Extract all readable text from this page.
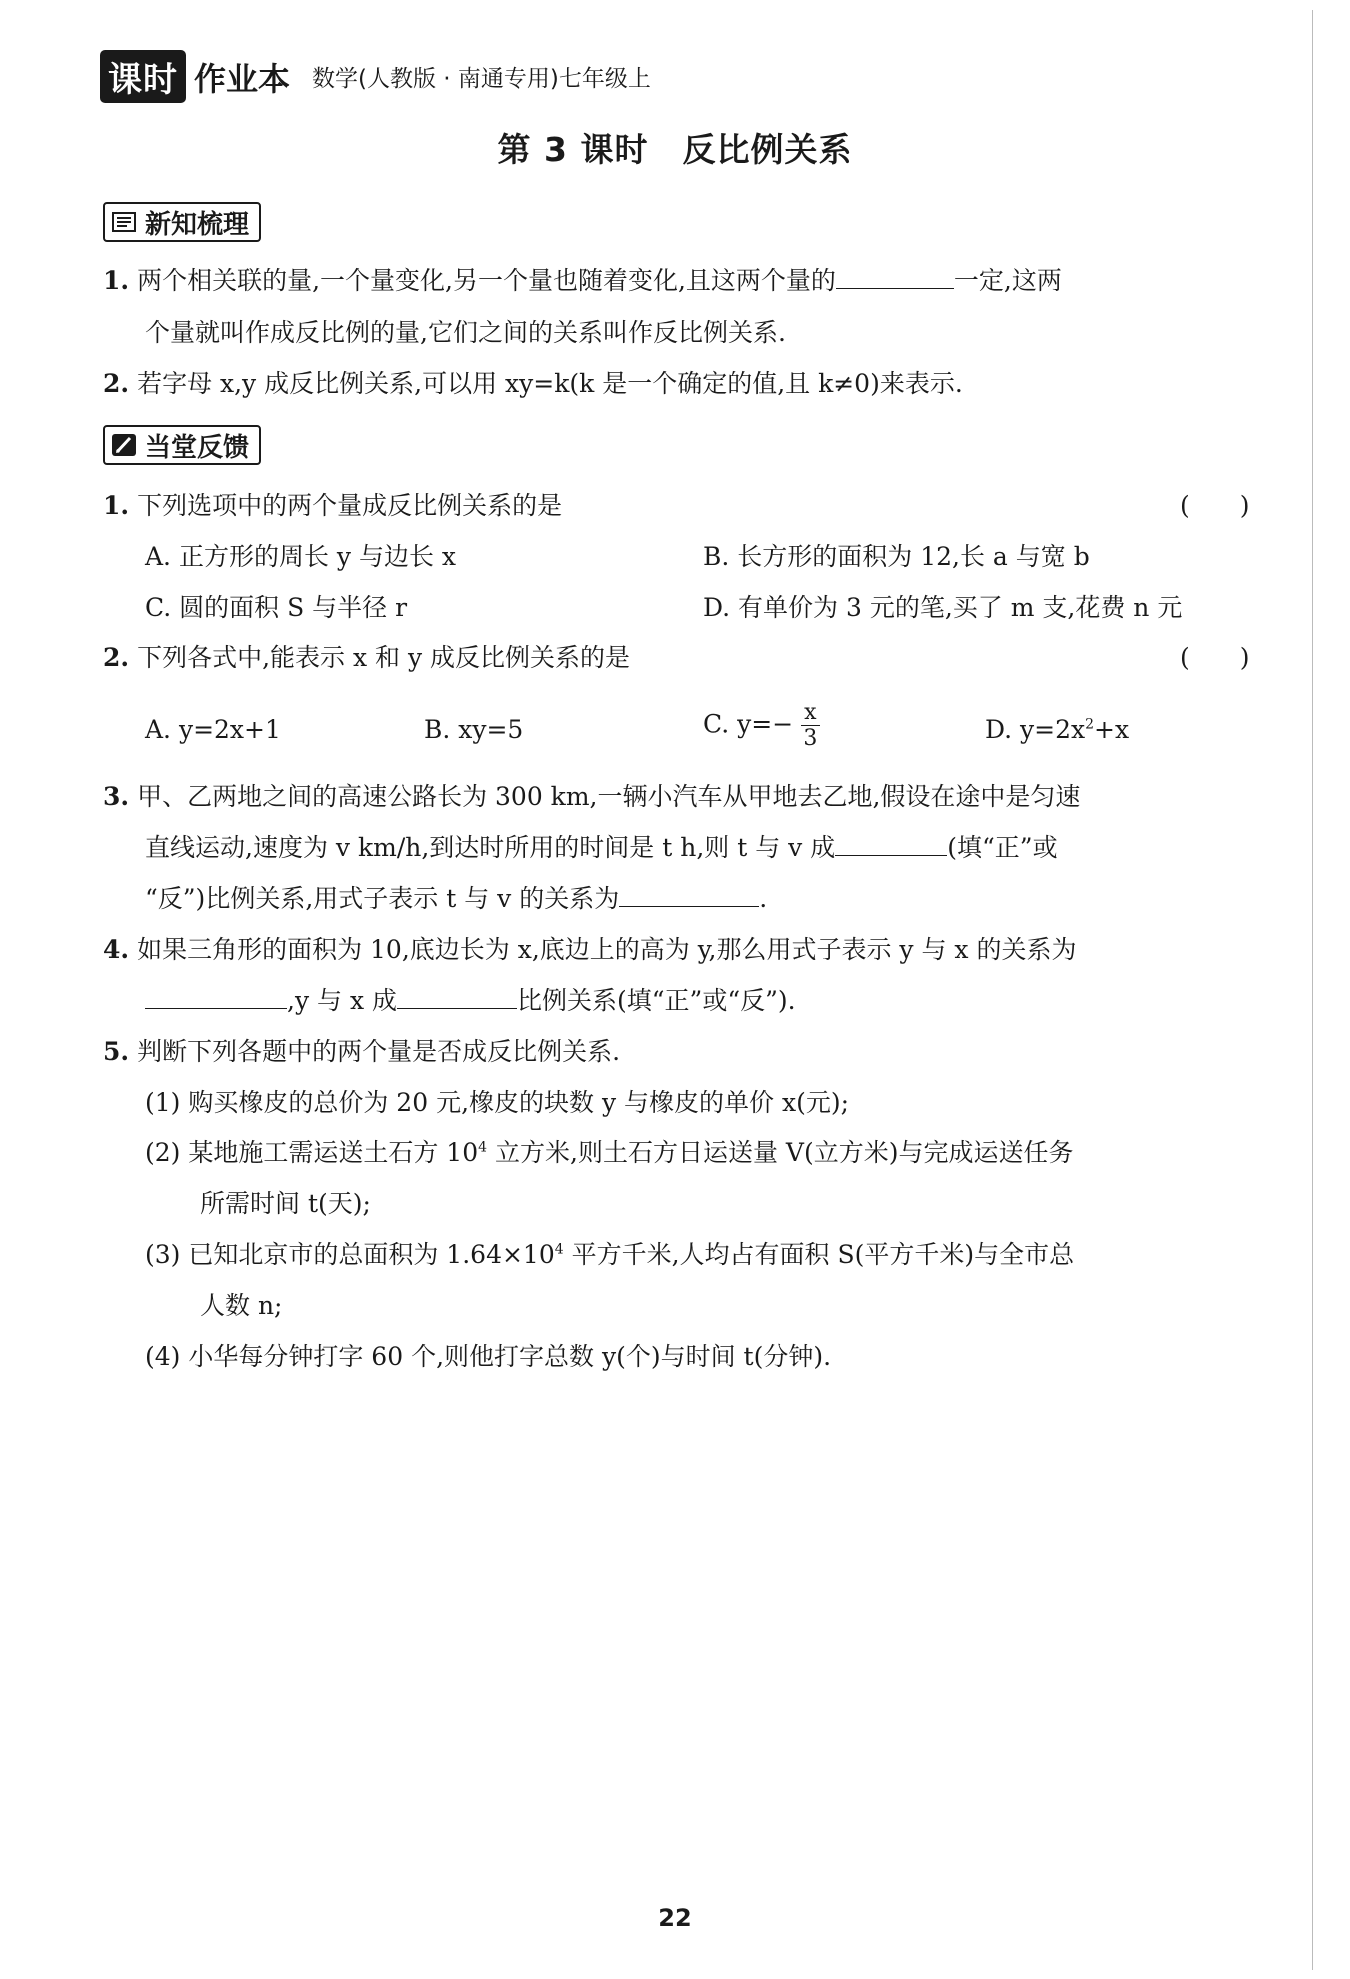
课时 作业本 数学(人教版 · 南通专用)七年级上
第 3 课时　反比例关系
新知梳理
1. 两个相关联的量,一个量变化,另一个量也随着变化,且这两个量的	一定,这两
个量就叫作成反比例的量,它们之间的关系叫作反比例关系.
2. 若字母 x,y 成反比例关系,可以用 xy=k(k 是一个确定的值,且 k≠0)来表示.
当堂反馈
1. 下列选项中的两个量成反比例关系的是	(　　)
A. 正方形的周长 y 与边长 x	B. 长方形的面积为 12,长 a 与宽 b
C. 圆的面积 S 与半径 r	D. 有单价为 3 元的笔,买了 m 支,花费 n 元
2. 下列各式中,能表示 x 和 y 成反比例关系的是	(　　)
A. y=2x+1	B. xy=5	C. $y=- \frac{x}{3}$	D. $y=2x^2+x$
3. 甲、乙两地之间的高速公路长为 300 km,一辆小汽车从甲地去乙地,假设在途中是匀速
直线运动,速度为 v km/h,到达时所用的时间是 t h,则 t 与 v 成	(填“正”或
“反”)比例关系,用式子表示 t 与 v 的关系为	.
4. 如果三角形的面积为 10,底边长为 x,底边上的高为 y,那么用式子表示 y 与 x 的关系为
,y 与 x 成	比例关系(填“正”或“反”).
5. 判断下列各题中的两个量是否成反比例关系.
(1) 购买橡皮的总价为 20 元,橡皮的块数 y 与橡皮的单价 x(元);
(2) 某地施工需运送土石方 $10^4$ 立方米,则土石方日运送量 V(立方米)与完成运送任务
所需时间 t(天);
(3) 已知北京市的总面积为 $1.64\times 10^4$ 平方千米,人均占有面积 S(平方千米)与全市总
人数 n;
(4) 小华每分钟打字 60 个,则他打字总数 y(个)与时间 t(分钟).
22
